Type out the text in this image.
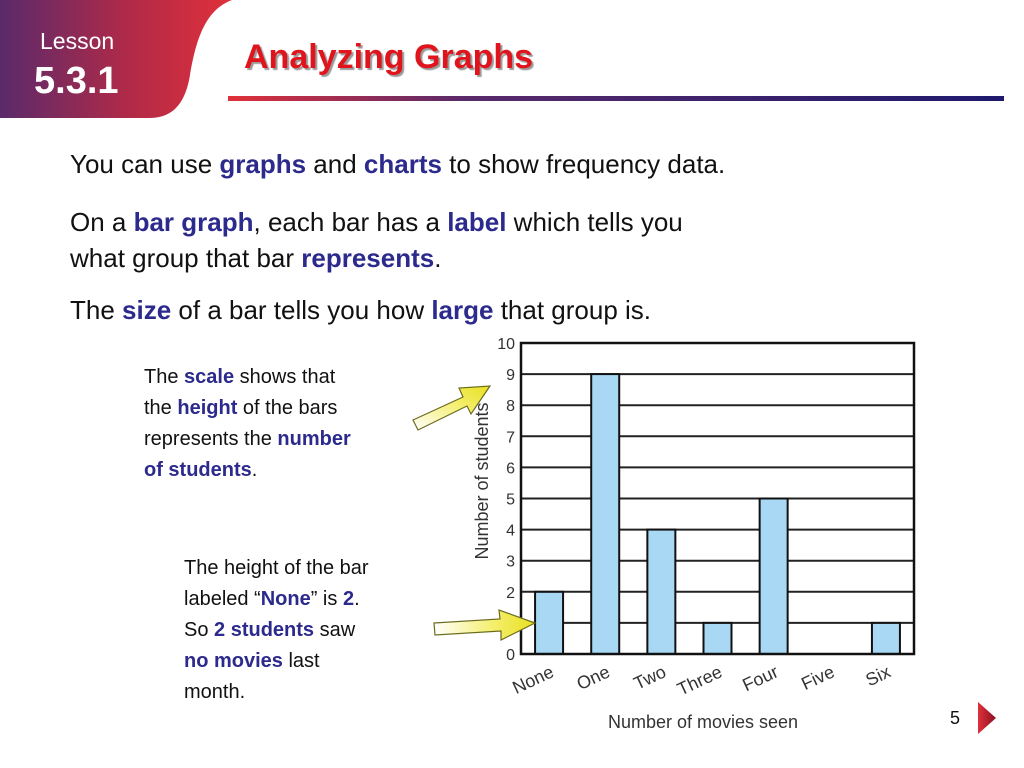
Lesson
5.3.1
Analyzing Graphs
You can use graphs and charts to show frequency data.
On a bar graph, each bar has a label which tells you
what group that bar represents.
The size of a bar tells you how large that group is.
The scale shows that
the height of the bars
represents the number
of students.
The height of the bar
labeled “None” is 2.
So 2 students saw
no movies last
month.
0
2
3
4
5
6
7
8
9
10
None One Two Three Four Five Six
Number of students
Number of movies seen	5
